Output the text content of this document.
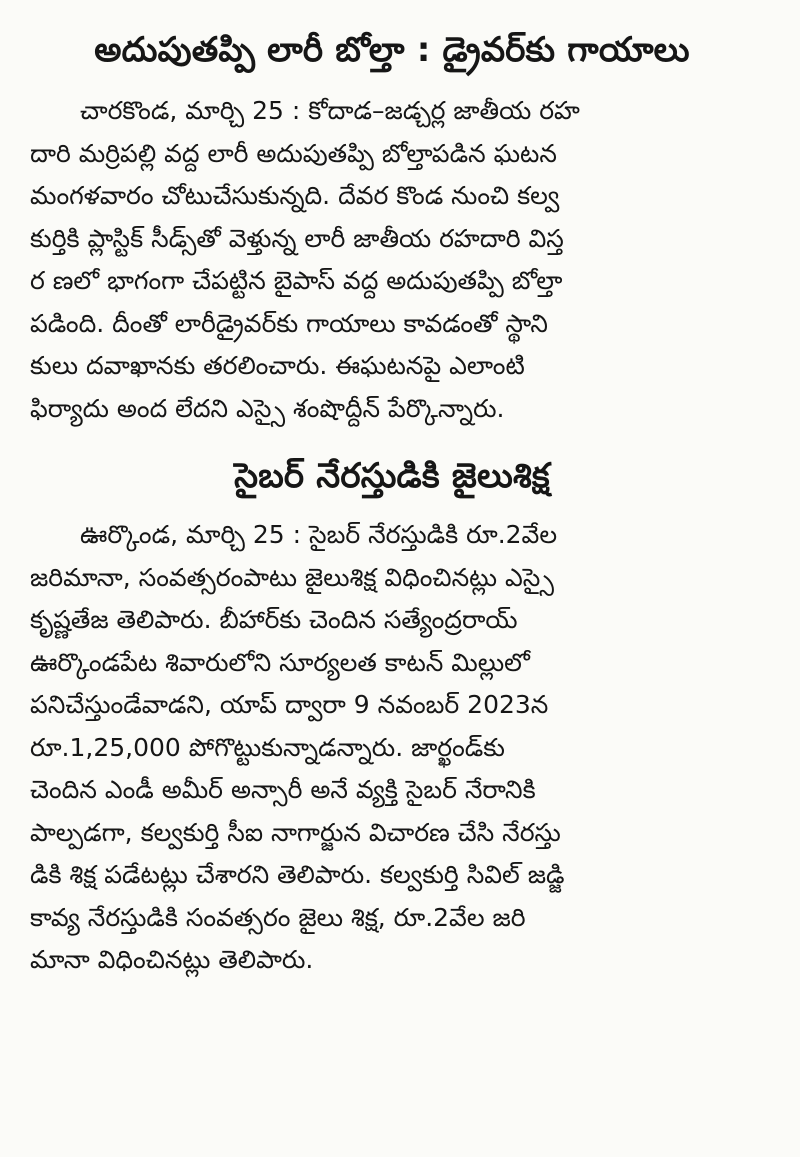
అదుపుతప్పి లారీ బోల్తా : డ్రైవర్‌కు గాయాలు
చారకొండ, మార్చి 25 : కోదాడ–జడ్చర్ల జాతీయ రహ
దారి మర్రిపల్లి వద్ద లారీ అదుపుతప్పి బోల్తాపడిన ఘటన
మంగళవారం చోటుచేసుకున్నది. దేవర కొండ నుంచి కల్వ
కుర్తికి ప్లాస్టిక్ సీడ్స్‌తో వెళ్తున్న లారీ జాతీయ రహదారి విస్త
ర ణలో భాగంగా చేపట్టిన బైపాస్ వద్ద అదుపుతప్పి బోల్తా
పడింది. దీంతో లారీడ్రైవర్‌కు గాయాలు కావడంతో స్థాని
కులు దవాఖానకు తరలించారు. ఈఘటనపై ఎలాంటి
ఫిర్యాదు అంద లేదని ఎస్సై శంషొద్దీన్ పేర్కొన్నారు.
సైబర్ నేరస్తుడికి జైలుశిక్ష
ఊర్కొండ, మార్చి 25 : సైబర్ నేరస్తుడికి రూ.2వేల
జరిమానా, సంవత్సరంపాటు జైలుశిక్ష విధించినట్లు ఎస్సై
కృష్ణతేజ తెలిపారు. బీహార్‌కు చెందిన సత్యేంద్రరాయ్
ఊర్కొండపేట శివారులోని సూర్యలత కాటన్ మిల్లులో
పనిచేస్తుండేవాడని, యాప్ ద్వారా 9 నవంబర్ 2023న
రూ.1,25,000 పోగొట్టుకున్నాడన్నారు. జార్ఖండ్‌కు
చెందిన ఎండీ అమీర్ అన్సారీ అనే వ్యక్తి సైబర్ నేరానికి
పాల్పడగా, కల్వకుర్తి సీఐ నాగార్జున విచారణ చేసి నేరస్తు
డికి శిక్ష పడేటట్లు చేశారని తెలిపారు. కల్వకుర్తి సివిల్ జడ్జి
కావ్య నేరస్తుడికి సంవత్సరం జైలు శిక్ష, రూ.2వేల జరి
మానా విధించినట్లు తెలిపారు.
